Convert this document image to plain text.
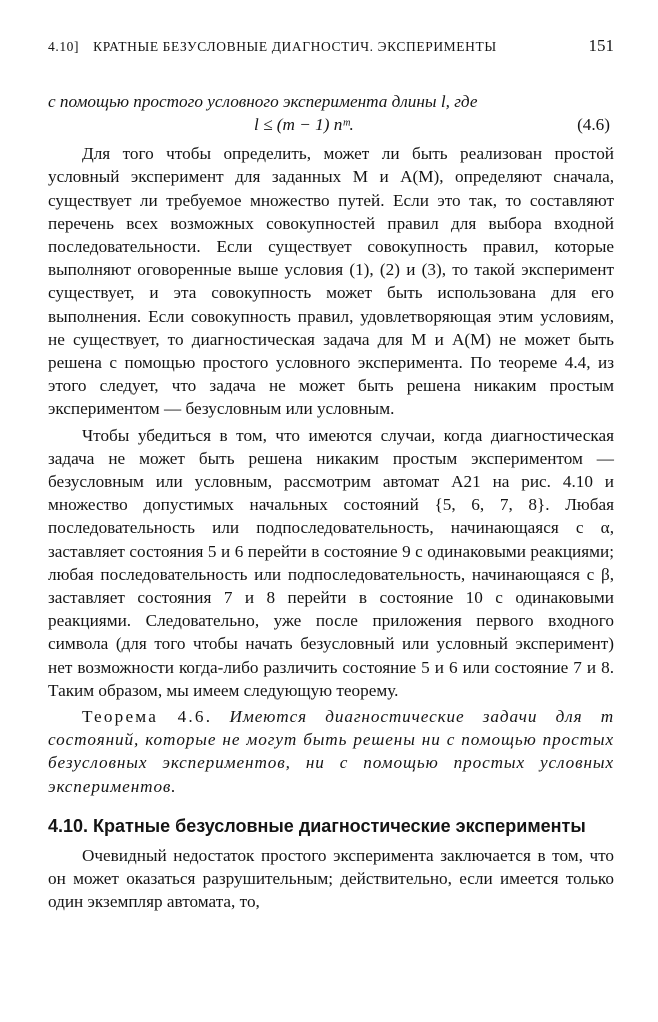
4.10] КРАТНЫЕ БЕЗУСЛОВНЫЕ ДИАГНОСТИЧ. ЭКСПЕРИМЕНТЫ	151

с помощью простого условного эксперимента длины l, где

l ≤ (m − 1) nᵐ.	(4.6)

Для того чтобы определить, может ли быть реализован простой условный эксперимент для заданных M и A(M), определяют сначала, существует ли требуемое множество путей. Если это так, то составляют перечень всех возможных совокупностей правил для выбора входной последовательности. Если существует совокупность правил, которые выполняют оговоренные выше условия (1), (2) и (3), то такой эксперимент существует, и эта совокупность может быть использована для его выполнения. Если совокупность правил, удовлетворяющая этим условиям, не существует, то диагностическая задача для M и A(M) не может быть решена с помощью простого условного эксперимента. По теореме 4.4, из этого следует, что задача не может быть решена никаким простым экспериментом — безусловным или условным.

Чтобы убедиться в том, что имеются случаи, когда диагностическая задача не может быть решена никаким простым экспериментом — безусловным или условным, рассмотрим автомат A21 на рис. 4.10 и множество допустимых начальных состояний {5, 6, 7, 8}. Любая последовательность или подпоследовательность, начинающаяся с α, заставляет состояния 5 и 6 перейти в состояние 9 с одинаковыми реакциями; любая последовательность или подпоследовательность, начинающаяся с β, заставляет состояния 7 и 8 перейти в состояние 10 с одинаковыми реакциями. Следовательно, уже после приложения первого входного символа (для того чтобы начать безусловный или условный эксперимент) нет возможности когда-либо различить состояние 5 и 6 или состояние 7 и 8. Таким образом, мы имеем следующую теорему.

Теорема 4.6. Имеются диагностические задачи для m состояний, которые не могут быть решены ни с помощью простых безусловных экспериментов, ни с помощью простых условных экспериментов.

4.10. Кратные безусловные диагностические эксперименты

Очевидный недостаток простого эксперимента заключается в том, что он может оказаться разрушительным; действительно, если имеется только один экземпляр автомата, то,
